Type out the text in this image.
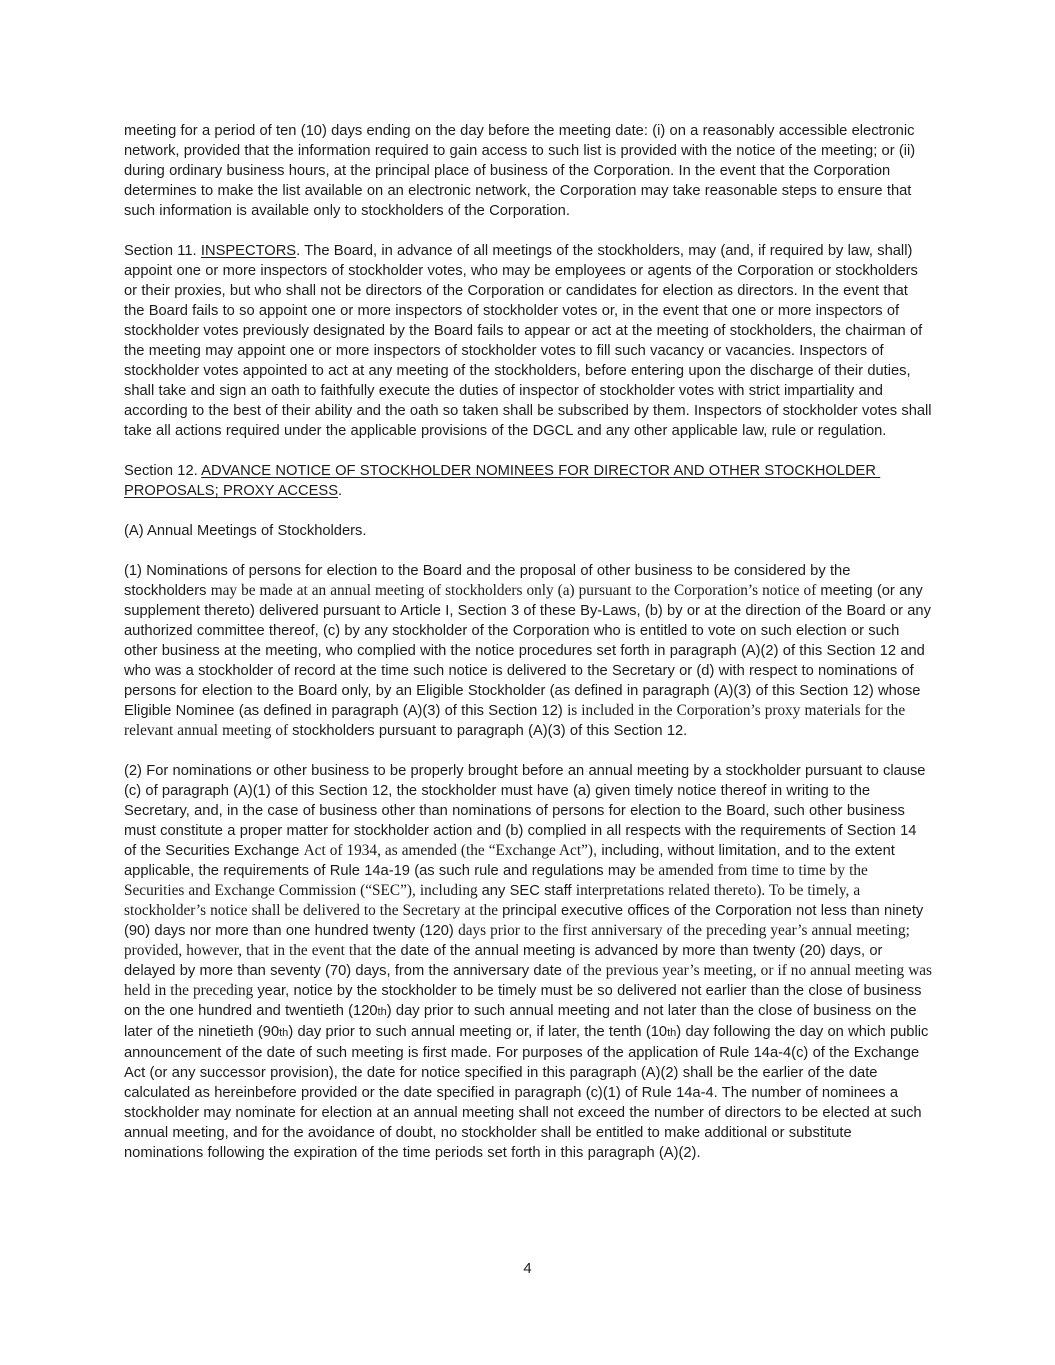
meeting for a period of ten (10) days ending on the day before the meeting date: (i) on a reasonably accessible electronic network, provided that the information required to gain access to such list is provided with the notice of the meeting; or (ii) during ordinary business hours, at the principal place of business of the Corporation. In the event that the Corporation determines to make the list available on an electronic network, the Corporation may take reasonable steps to ensure that such information is available only to stockholders of the Corporation.

Section 11. INSPECTORS. The Board, in advance of all meetings of the stockholders, may (and, if required by law, shall) appoint one or more inspectors of stockholder votes, who may be employees or agents of the Corporation or stockholders or their proxies, but who shall not be directors of the Corporation or candidates for election as directors. In the event that the Board fails to so appoint one or more inspectors of stockholder votes or, in the event that one or more inspectors of stockholder votes previously designated by the Board fails to appear or act at the meeting of stockholders, the chairman of the meeting may appoint one or more inspectors of stockholder votes to fill such vacancy or vacancies. Inspectors of stockholder votes appointed to act at any meeting of the stockholders, before entering upon the discharge of their duties, shall take and sign an oath to faithfully execute the duties of inspector of stockholder votes with strict impartiality and according to the best of their ability and the oath so taken shall be subscribed by them. Inspectors of stockholder votes shall take all actions required under the applicable provisions of the DGCL and any other applicable law, rule or regulation.

Section 12. ADVANCE NOTICE OF STOCKHOLDER NOMINEES FOR DIRECTOR AND OTHER STOCKHOLDER PROPOSALS; PROXY ACCESS.

(A) Annual Meetings of Stockholders.

(1) Nominations of persons for election to the Board and the proposal of other business to be considered by the stockholders may be made at an annual meeting of stockholders only (a) pursuant to the Corporation’s notice of meeting (or any supplement thereto) delivered pursuant to Article I, Section 3 of these By-Laws, (b) by or at the direction of the Board or any authorized committee thereof, (c) by any stockholder of the Corporation who is entitled to vote on such election or such other business at the meeting, who complied with the notice procedures set forth in paragraph (A)(2) of this Section 12 and who was a stockholder of record at the time such notice is delivered to the Secretary or (d) with respect to nominations of persons for election to the Board only, by an Eligible Stockholder (as defined in paragraph (A)(3) of this Section 12) whose Eligible Nominee (as defined in paragraph (A)(3) of this Section 12) is included in the Corporation’s proxy materials for the relevant annual meeting of stockholders pursuant to paragraph (A)(3) of this Section 12.

(2) For nominations or other business to be properly brought before an annual meeting by a stockholder pursuant to clause (c) of paragraph (A)(1) of this Section 12, the stockholder must have (a) given timely notice thereof in writing to the Secretary, and, in the case of business other than nominations of persons for election to the Board, such other business must constitute a proper matter for stockholder action and (b) complied in all respects with the requirements of Section 14 of the Securities Exchange Act of 1934, as amended (the “Exchange Act”), including, without limitation, and to the extent applicable, the requirements of Rule 14a-19 (as such rule and regulations may be amended from time to time by the Securities and Exchange Commission (“SEC”), including any SEC staff interpretations related thereto). To be timely, a stockholder’s notice shall be delivered to the Secretary at the principal executive offices of the Corporation not less than ninety (90) days nor more than one hundred twenty (120) days prior to the first anniversary of the preceding year’s annual meeting; provided, however, that in the event that the date of the annual meeting is advanced by more than twenty (20) days, or delayed by more than seventy (70) days, from the anniversary date of the previous year’s meeting, or if no annual meeting was held in the preceding year, notice by the stockholder to be timely must be so delivered not earlier than the close of business on the one hundred and twentieth (120th) day prior to such annual meeting and not later than the close of business on the later of the ninetieth (90th) day prior to such annual meeting or, if later, the tenth (10th) day following the day on which public announcement of the date of such meeting is first made. For purposes of the application of Rule 14a-4(c) of the Exchange Act (or any successor provision), the date for notice specified in this paragraph (A)(2) shall be the earlier of the date calculated as hereinbefore provided or the date specified in paragraph (c)(1) of Rule 14a-4. The number of nominees a stockholder may nominate for election at an annual meeting shall not exceed the number of directors to be elected at such annual meeting, and for the avoidance of doubt, no stockholder shall be entitled to make additional or substitute nominations following the expiration of the time periods set forth in this paragraph (A)(2).

4
